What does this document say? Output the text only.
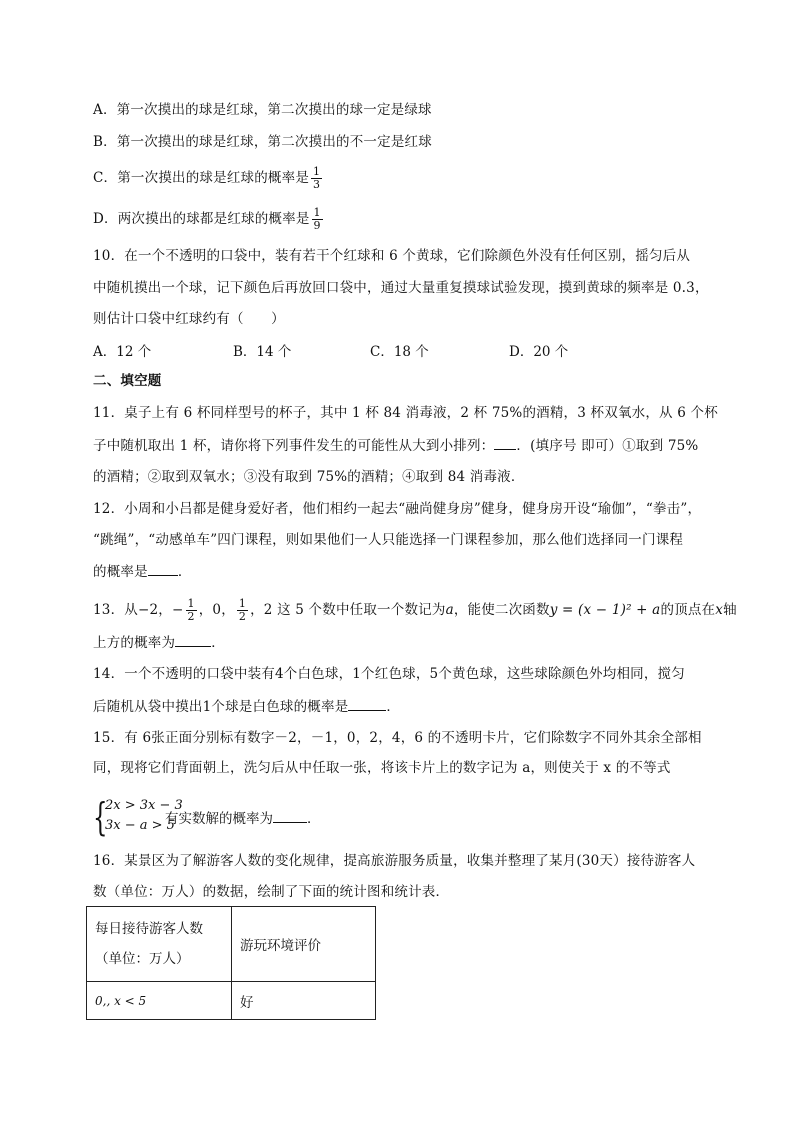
A．第一次摸出的球是红球，第二次摸出的球一定是绿球
B．第一次摸出的球是红球，第二次摸出的不一定是红球
C．第一次摸出的球是红球的概率是 $\frac{1}{3}$
D．两次摸出的球都是红球的概率是 $\frac{1}{9}$
10．在一个不透明的口袋中，装有若干个红球和 6 个黄球，它们除颜色外没有任何区别，摇匀后从
中随机摸出一个球，记下颜色后再放回口袋中，通过大量重复摸球试验发现，摸到黄球的频率是 0.3，
则估计口袋中红球约有（　　）
A．12 个	B．14 个	C．18 个	D．20 个
二、填空题
11．桌子上有 6 杯同样型号的杯子，其中 1 杯 84 消毒液，2 杯 75%的酒精，3 杯双氧水，从 6 个杯
子中随机取出 1 杯，请你将下列事件发生的可能性从大到小排列： ．(填序号 即可）①取到 75%
的酒精；②取到双氧水；③没有取到 75%的酒精；④取到 84 消毒液．
12．小周和小吕都是健身爱好者，他们相约一起去“融尚健身房”健身，健身房开设“瑜伽”，“拳击”，
“跳绳”，“动感单车”四门课程，则如果他们一人只能选择一门课程参加，那么他们选择同一门课程
的概率是 ．
13．从−2，− $\frac{1}{2}$ ，0， $\frac{1}{2}$ ，2 这 5 个数中任取一个数记为a，能使二次函数y = (x − 1)² + a的顶点在x轴
上方的概率为	．
14．一个不透明的口袋中装有4个白色球，1个红色球，5个黄色球，这些球除颜色外均相同，搅匀
后随机从袋中摸出1个球是白色球的概率是	．
15．有 6张正面分别标有数字－2，－1，0，2，4，6 的不透明卡片，它们除数字不同外其余全部相
同，现将它们背面朝上，洗匀后从中任取一张，将该卡片上的数字记为 a，则使关于 x 的不等式
{
2x > 3x − 3
3x − a > 5
有实数解的概率为	．
16．某景区为了解游客人数的变化规律，提高旅游服务质量，收集并整理了某月(30天）接待游客人
数（单位：万人）的数据，绘制了下面的统计图和统计表．
每日接待游客人数
（单位：万人）	游玩环境评价
0,, x < 5	好
